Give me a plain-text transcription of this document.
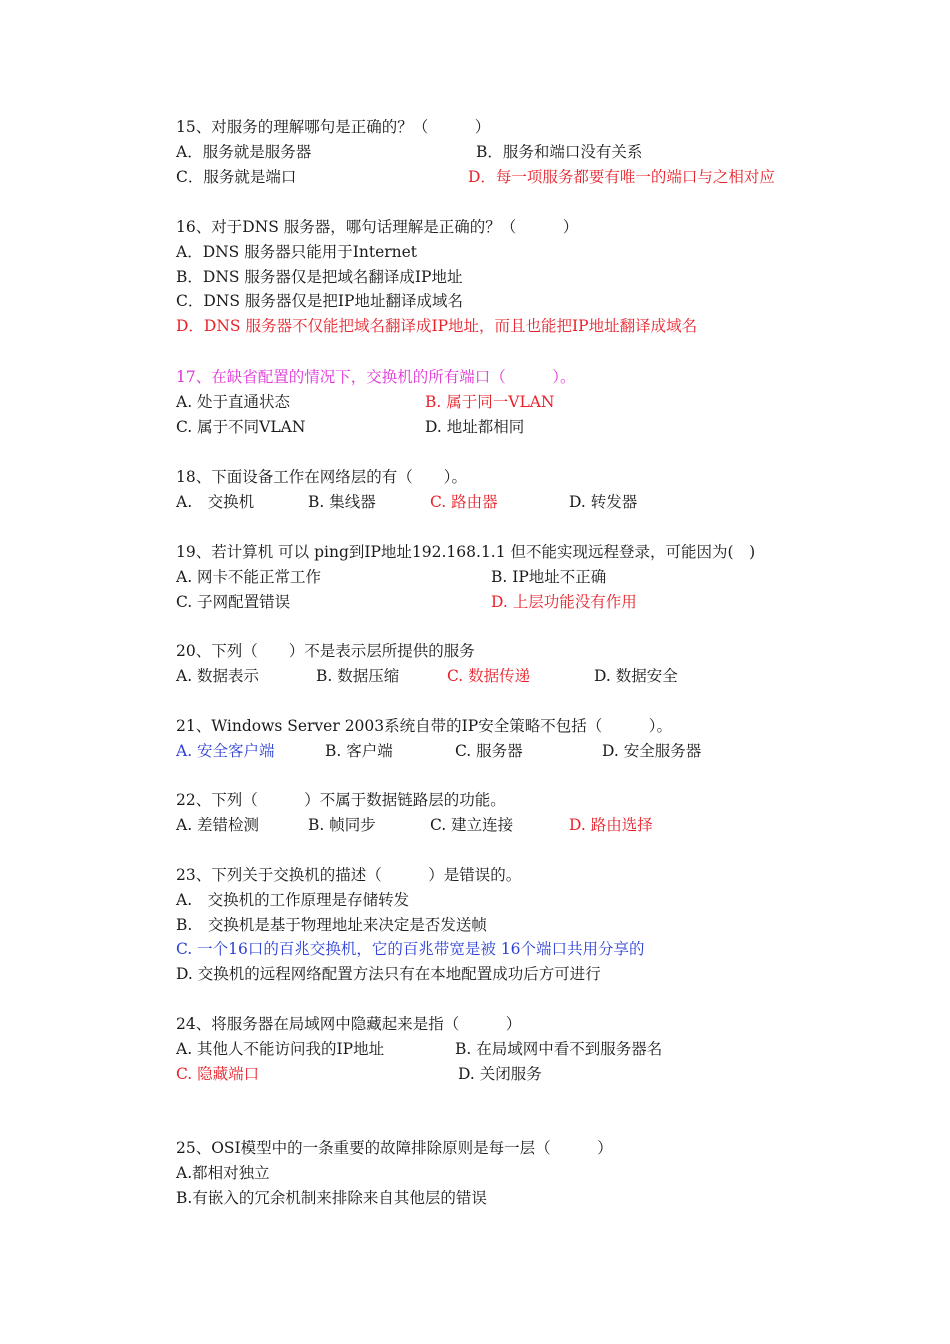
15、对服务的理解哪句是正确的？（　　　）
A．服务就是服务器	B．服务和端口没有关系
C．服务就是端口	D．每一项服务都要有唯一的端口与之相对应
16、对于DNS 服务器，哪句话理解是正确的？（　　　）
A．DNS 服务器只能用于Internet
B．DNS 服务器仅是把域名翻译成IP地址
C．DNS 服务器仅是把IP地址翻译成域名
D．DNS 服务器不仅能把域名翻译成IP地址，而且也能把IP地址翻译成域名
17、在缺省配置的情况下，交换机的所有端口（　　　）。
A. 处于直通状态	B. 属于同一VLAN
C. 属于不同VLAN	D. 地址都相同
18、下面设备工作在网络层的有（　　）。
A.　交换机	B. 集线器	C. 路由器	D. 转发器
19、若计算机 可以 ping到IP地址192.168.1.1 但不能实现远程登录，可能因为(　)
A. 网卡不能正常工作	B. IP地址不正确
C. 子网配置错误	D. 上层功能没有作用
20、下列（　　）不是表示层所提供的服务
A. 数据表示	B. 数据压缩	C. 数据传递	D. 数据安全
21、Windows Server 2003系统自带的IP安全策略不包括（　　　）。
A. 安全客户端	B. 客户端	C. 服务器	D. 安全服务器
22、下列（　　　）不属于数据链路层的功能。
A. 差错检测	B. 帧同步	C. 建立连接	D. 路由选择
23、下列关于交换机的描述（　　　）是错误的。
A.　交换机的工作原理是存储转发
B.　交换机是基于物理地址来决定是否发送帧
C. 一个16口的百兆交换机，它的百兆带宽是被 16个端口共用分享的
D. 交换机的远程网络配置方法只有在本地配置成功后方可进行
24、将服务器在局域网中隐藏起来是指（　　　）
A. 其他人不能访问我的IP地址	B. 在局域网中看不到服务器名
C. 隐藏端口	D. 关闭服务
25、OSI模型中的一条重要的故障排除原则是每一层（　　　）
A.都相对独立
B.有嵌入的冗余机制来排除来自其他层的错误
